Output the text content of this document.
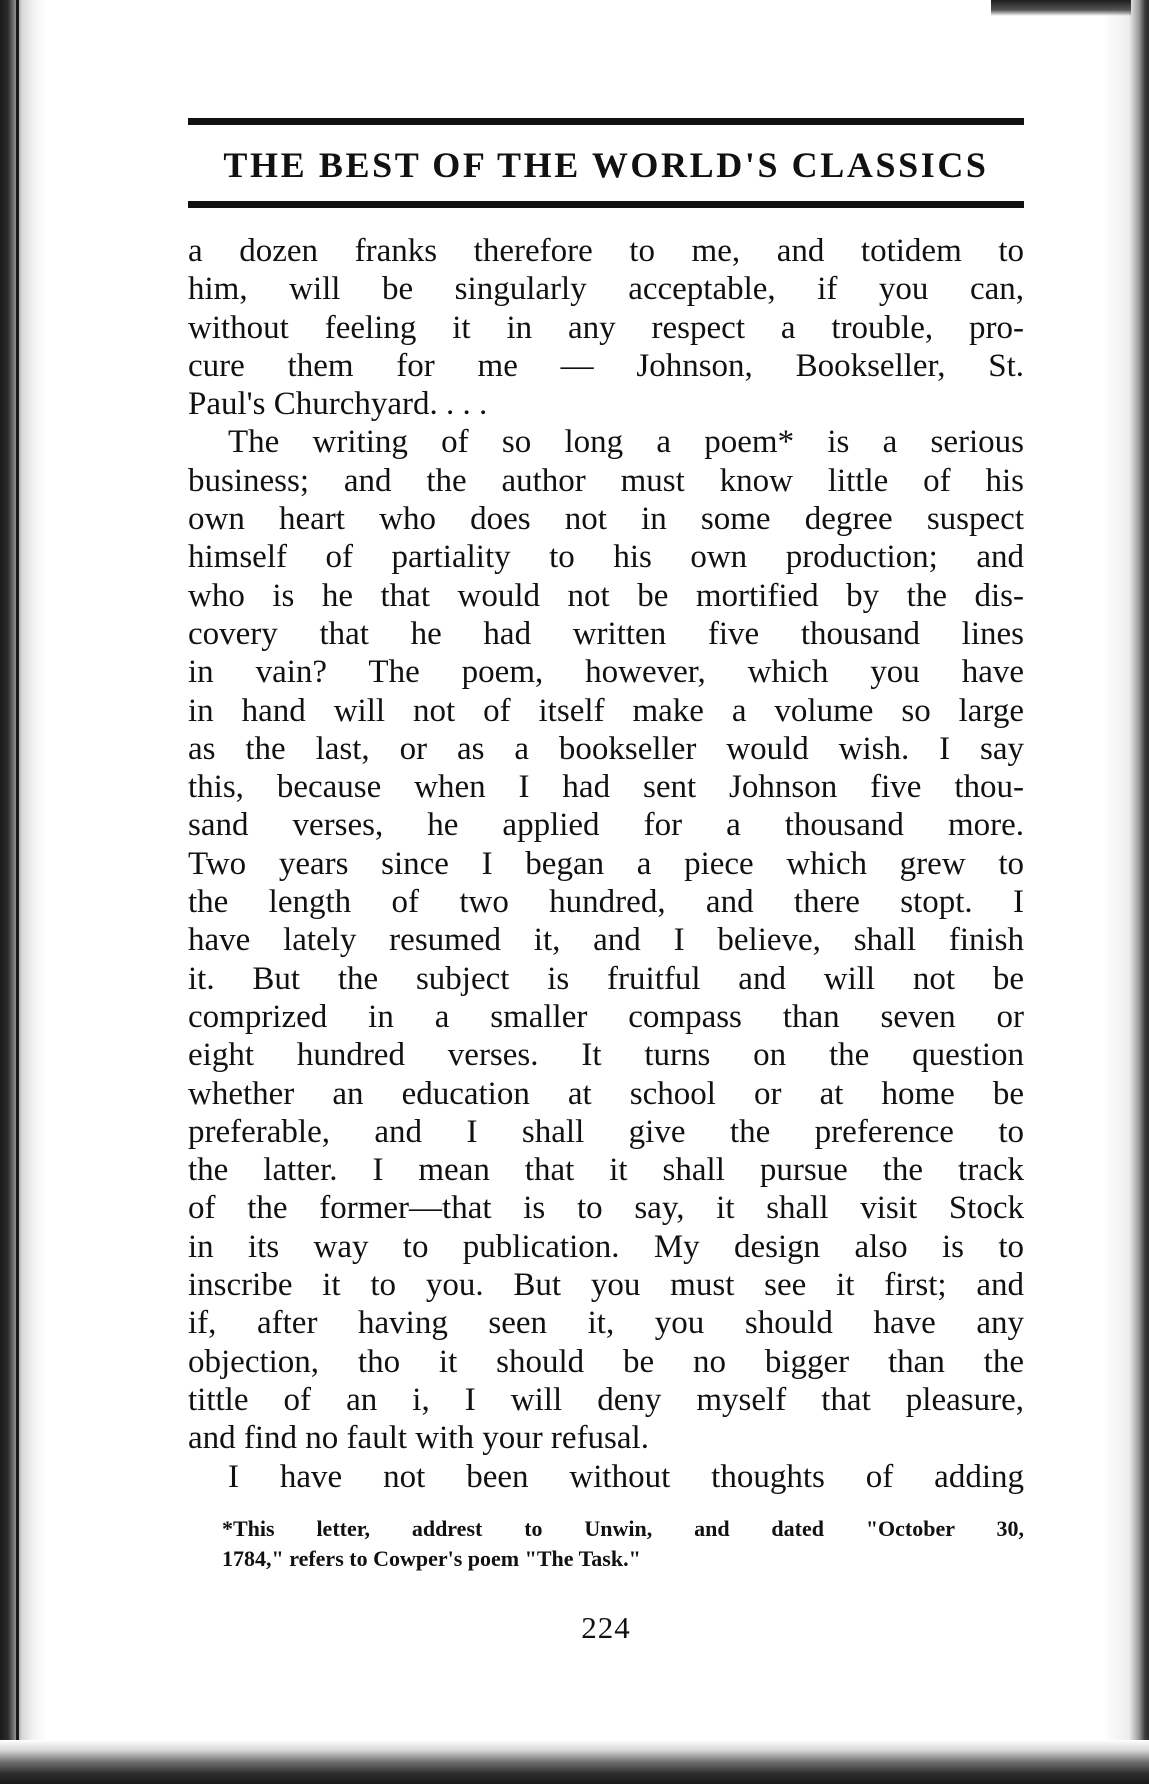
THE BEST OF THE WORLD'S CLASSICS
a dozen franks therefore to me, and totidem to
him, will be singularly acceptable, if you can,
without feeling it in any respect a trouble, pro-
cure them for me — Johnson, Bookseller, St.
Paul's Churchyard. . . .
The writing of so long a poem* is a serious
business; and the author must know little of his
own heart who does not in some degree suspect
himself of partiality to his own production; and
who is he that would not be mortified by the dis-
covery that he had written five thousand lines
in vain? The poem, however, which you have
in hand will not of itself make a volume so large
as the last, or as a bookseller would wish. I say
this, because when I had sent Johnson five thou-
sand verses, he applied for a thousand more.
Two years since I began a piece which grew to
the length of two hundred, and there stopt. I
have lately resumed it, and I believe, shall finish
it. But the subject is fruitful and will not be
comprized in a smaller compass than seven or
eight hundred verses. It turns on the question
whether an education at school or at home be
preferable, and I shall give the preference to
the latter. I mean that it shall pursue the track
of the former—that is to say, it shall visit Stock
in its way to publication. My design also is to
inscribe it to you. But you must see it first; and
if, after having seen it, you should have any
objection, tho it should be no bigger than the
tittle of an i, I will deny myself that pleasure,
and find no fault with your refusal.
I have not been without thoughts of adding
*This letter, addrest to Unwin, and dated "October 30,
1784," refers to Cowper's poem "The Task."
224
